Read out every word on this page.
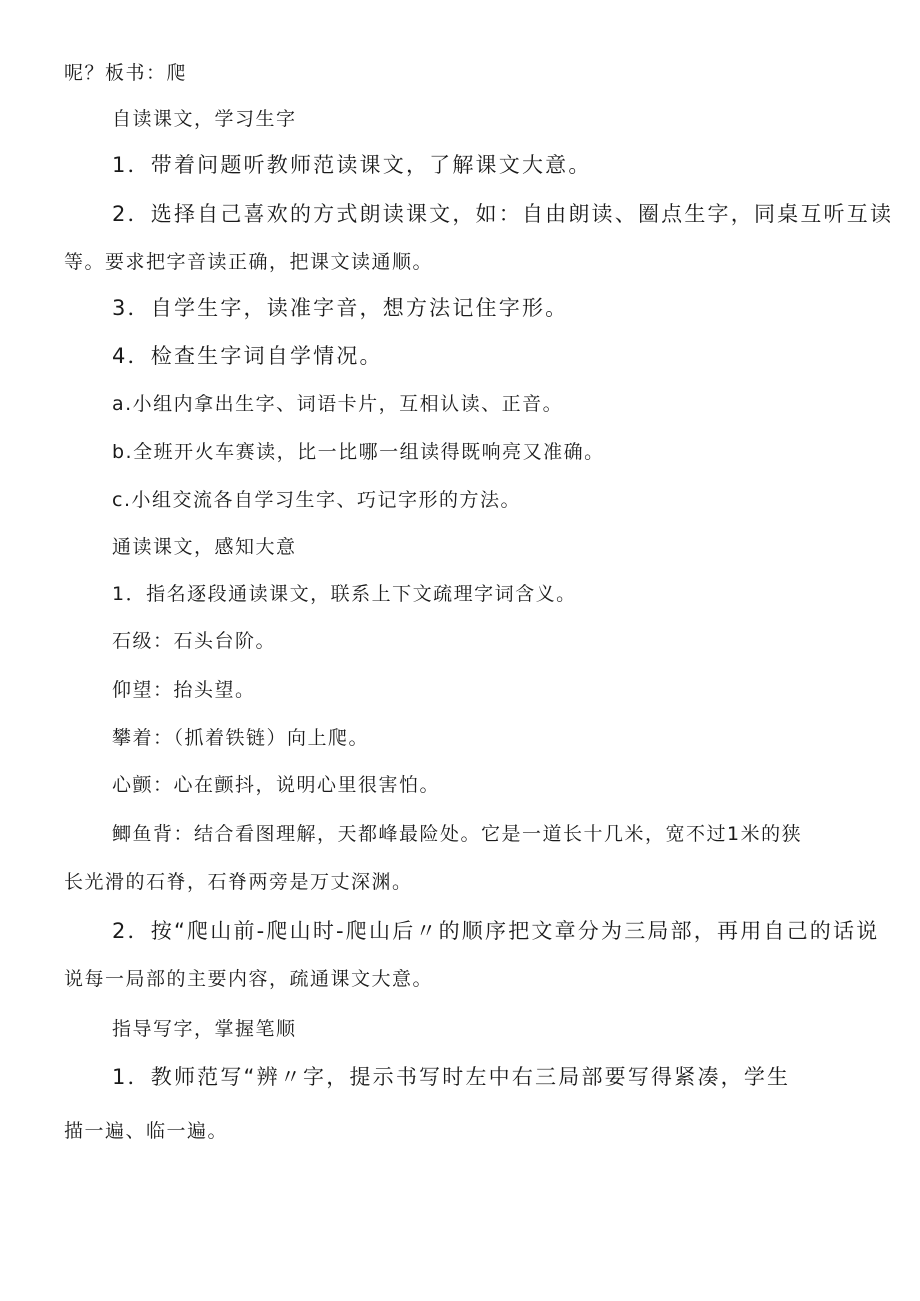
呢？板书：爬
自读课文，学习生字
1．带着问题听教师范读课文，了解课文大意。
2．选择自己喜欢的方式朗读课文，如：自由朗读、圈点生字，同桌互听互读
等。要求把字音读正确，把课文读通顺。
3．自学生字，读准字音，想方法记住字形。
4．检查生字词自学情况。
a.小组内拿出生字、词语卡片，互相认读、正音。
b.全班开火车赛读，比一比哪一组读得既响亮又准确。
c.小组交流各自学习生字、巧记字形的方法。
通读课文，感知大意
1．指名逐段通读课文，联系上下文疏理字词含义。
石级：石头台阶。
仰望：抬头望。
攀着：（抓着铁链）向上爬。
心颤：心在颤抖，说明心里很害怕。
鲫鱼背：结合看图理解，天都峰最险处。它是一道长十几米，宽不过1米的狭
长光滑的石脊，石脊两旁是万丈深渊。
2．按“爬山前-爬山时-爬山后〃的顺序把文章分为三局部，再用自己的话说
说每一局部的主要内容，疏通课文大意。
指导写字，掌握笔顺
1．教师范写“辨〃字，提示书写时左中右三局部要写得紧凑，学生
描一遍、临一遍。
